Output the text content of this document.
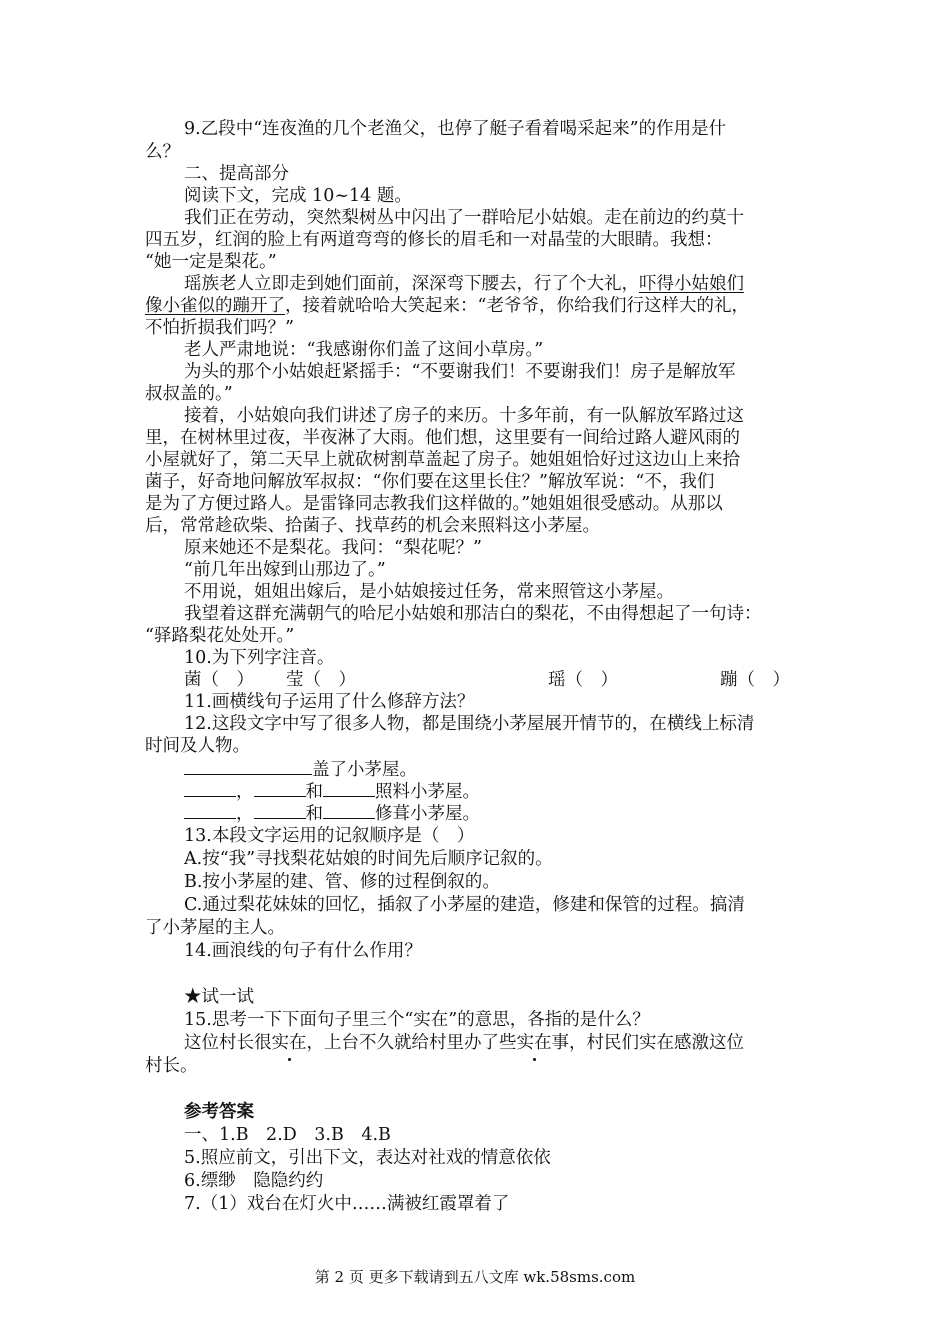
9.乙段中“连夜渔的几个老渔父，也停了艇子看着喝采起来”的作用是什
么？
二、提高部分
阅读下文，完成 10~14 题。
我们正在劳动，突然梨树丛中闪出了一群哈尼小姑娘。走在前边的约莫十
四五岁，红润的脸上有两道弯弯的修长的眉毛和一对晶莹的大眼睛。我想：
“她一定是梨花。”
瑶族老人立即走到她们面前，深深弯下腰去，行了个大礼，吓得小姑娘们
像小雀似的蹦开了，接着就哈哈大笑起来：“老爷爷，你给我们行这样大的礼，
不怕折损我们吗？”
老人严肃地说：“我感谢你们盖了这间小草房。”
为头的那个小姑娘赶紧摇手：“不要谢我们！不要谢我们！房子是解放军
叔叔盖的。”
接着，小姑娘向我们讲述了房子的来历。十多年前，有一队解放军路过这
里，在树林里过夜，半夜淋了大雨。他们想，这里要有一间给过路人避风雨的
小屋就好了，第二天早上就砍树割草盖起了房子。她姐姐恰好过这边山上来拾
菌子，好奇地问解放军叔叔：“你们要在这里长住？”解放军说：“不，我们
是为了方便过路人。是雷锋同志教我们这样做的。”她姐姐很受感动。从那以
后，常常趁砍柴、拾菌子、找草药的机会来照料这小茅屋。
原来她还不是梨花。我问：“梨花呢？”
“前几年出嫁到山那边了。”
不用说，姐姐出嫁后，是小姑娘接过任务，常来照管这小茅屋。
我望着这群充满朝气的哈尼小姑娘和那洁白的梨花，不由得想起了一句诗：
“驿路梨花处处开。”
10.为下列字注音。
菌（　） 莹（　）	瑶（　）	蹦（　）
11.画横线句子运用了什么修辞方法？
12.这段文字中写了很多人物，都是围绕小茅屋展开情节的，在横线上标清
时间及人物。
盖了小茅屋。
，	和	照料小茅屋。
，	和	修葺小茅屋。
13.本段文字运用的记叙顺序是（　）
A.按“我”寻找梨花姑娘的时间先后顺序记叙的。
B.按小茅屋的建、管、修的过程倒叙的。
C.通过梨花妹妹的回忆，插叙了小茅屋的建造，修建和保管的过程。搞清
了小茅屋的主人。
14.画浪线的句子有什么作用？
★试一试
15.思考一下下面句子里三个“实在”的意思，各指的是什么？
这位村长很实在，上台不久就给村里办了些实在事，村民们实在感激这位
村长。
参考答案
一、1.B　2.D　3.B　4.B
5.照应前文，引出下文，表达对社戏的情意依依
6.缥缈　隐隐约约
7.（1）戏台在灯火中……满被红霞罩着了
第 2 页 更多下载请到五八文库 wk.58sms.com
